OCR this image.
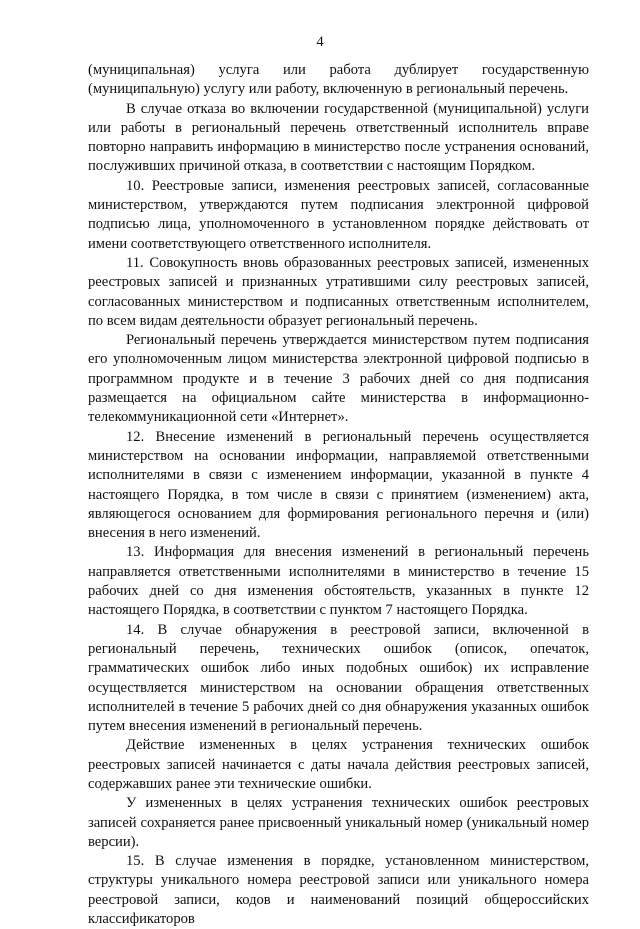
4

(муниципальная) услуга или работа дублирует государственную (муниципальную) услугу или работу, включенную в региональный перечень.

В случае отказа во включении государственной (муниципальной) услуги или работы в региональный перечень ответственный исполнитель вправе повторно направить информацию в министерство после устранения оснований, послуживших причиной отказа, в соответствии с настоящим Порядком.

10. Реестровые записи, изменения реестровых записей, согласованные министерством, утверждаются путем подписания электронной цифровой подписью лица, уполномоченного в установленном порядке действовать от имени соответствующего ответственного исполнителя.

11. Совокупность вновь образованных реестровых записей, измененных реестровых записей и признанных утратившими силу реестровых записей, согласованных министерством и подписанных ответственным исполнителем, по всем видам деятельности образует региональный перечень.

Региональный перечень утверждается министерством путем подписания его уполномоченным лицом министерства электронной цифровой подписью в программном продукте и в течение 3 рабочих дней со дня подписания размещается на официальном сайте министерства в информационно-телекоммуникационной сети «Интернет».

12. Внесение изменений в региональный перечень осуществляется министерством на основании информации, направляемой ответственными исполнителями в связи с изменением информации, указанной в пункте 4 настоящего Порядка, в том числе в связи с принятием (изменением) акта, являющегося основанием для формирования регионального перечня и (или) внесения в него изменений.

13. Информация для внесения изменений в региональный перечень направляется ответственными исполнителями в министерство в течение 15 рабочих дней со дня изменения обстоятельств, указанных в пункте 12 настоящего Порядка, в соответствии с пунктом 7 настоящего Порядка.

14. В случае обнаружения в реестровой записи, включенной в региональный перечень, технических ошибок (описок, опечаток, грамматических ошибок либо иных подобных ошибок) их исправление осуществляется министерством на основании обращения ответственных исполнителей в течение 5 рабочих дней со дня обнаружения указанных ошибок путем внесения изменений в региональный перечень.

Действие измененных в целях устранения технических ошибок реестровых записей начинается с даты начала действия реестровых записей, содержавших ранее эти технические ошибки.

У измененных в целях устранения технических ошибок реестровых записей сохраняется ранее присвоенный уникальный номер (уникальный номер версии).

15. В случае изменения в порядке, установленном министерством, структуры уникального номера реестровой записи или уникального номера реестровой записи, кодов и наименований позиций общероссийских классификаторов
